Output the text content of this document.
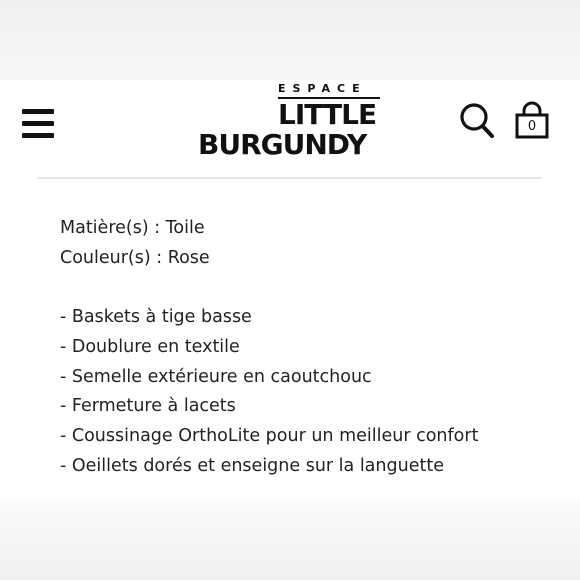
ESPACE
LITTLE
BURGUNDY
0

Matière(s) : Toile

Couleur(s) : Rose

- Baskets à tige basse

- Doublure en textile

- Semelle extérieure en caoutchouc

- Fermeture à lacets

- Coussinage OrthoLite pour un meilleur confort

- Oeillets dorés et enseigne sur la languette
